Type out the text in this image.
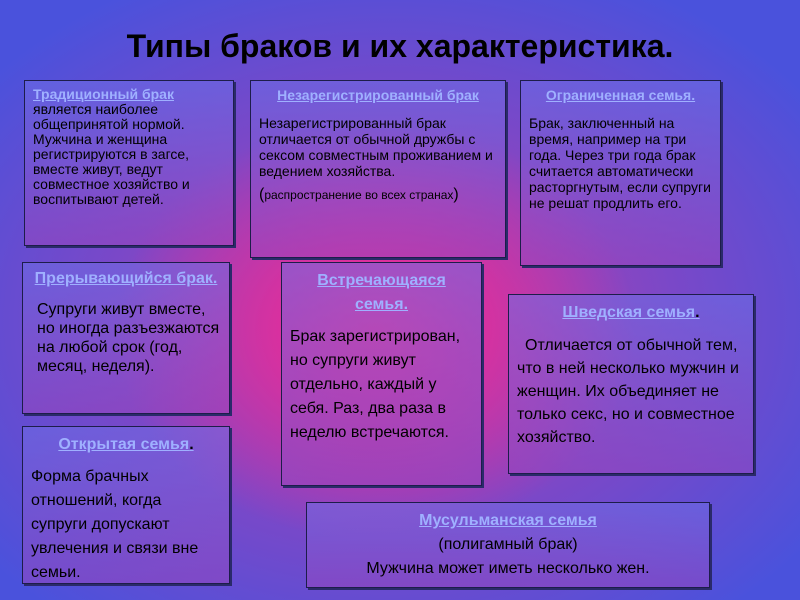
Типы браков и их характеристика.
Традиционный брак является наиболее общепринятой нормой. Мужчина и женщина регистрируются в загсе, вместе живут, ведут совместное хозяйство и воспитывают детей.
Незарегистрированный брак

Незарегистрированный брак отличается от обычной дружбы с сексом совместным проживанием и ведением хозяйства.

(распространение во всех странах)

Ограниченная семья.

Брак, заключенный на время, например на три года. Через три года брак считается автоматически расторгнутым, если супруги не решат продлить его.

Прерывающийся брак.

Супруги живут вместе, но иногда разъезжаются на любой срок (год, месяц, неделя).

Встречающаяся семья.

Брак зарегистрирован, но супруги живут отдельно, каждый у себя. Раз, два раза в неделю встречаются.

Шведская семья.

Отличается от обычной тем, что в ней несколько мужчин и женщин. Их объединяет не только секс, но и совместное хозяйство.

Открытая семья.

Форма брачных отношений, когда супруги допускают увлечения и связи вне семьи.

Мусульманская семья

(полигамный брак)

Мужчина может иметь несколько жен.
